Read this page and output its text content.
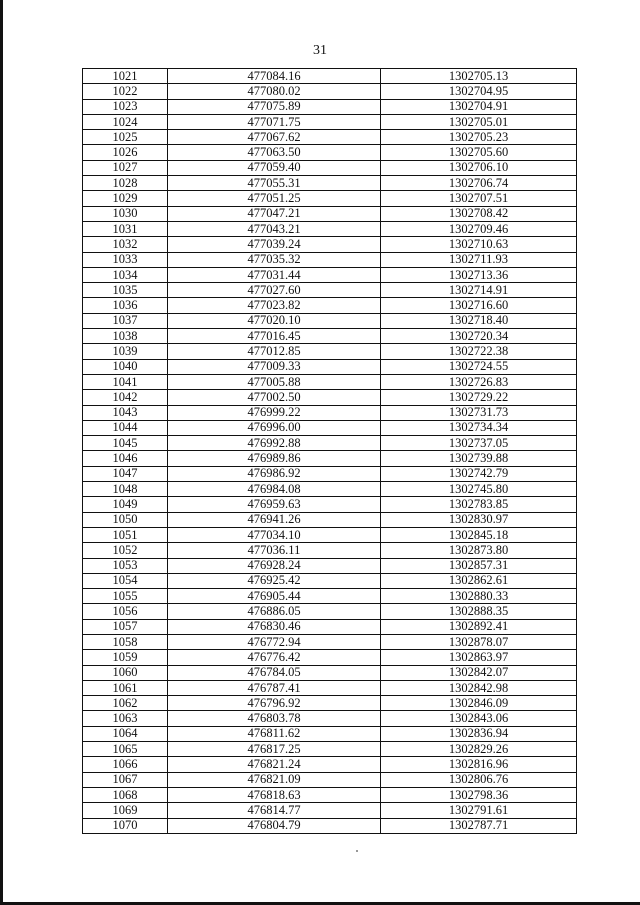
31
1021	477084.16	1302705.13
1022	477080.02	1302704.95
1023	477075.89	1302704.91
1024	477071.75	1302705.01
1025	477067.62	1302705.23
1026	477063.50	1302705.60
1027	477059.40	1302706.10
1028	477055.31	1302706.74
1029	477051.25	1302707.51
1030	477047.21	1302708.42
1031	477043.21	1302709.46
1032	477039.24	1302710.63
1033	477035.32	1302711.93
1034	477031.44	1302713.36
1035	477027.60	1302714.91
1036	477023.82	1302716.60
1037	477020.10	1302718.40
1038	477016.45	1302720.34
1039	477012.85	1302722.38
1040	477009.33	1302724.55
1041	477005.88	1302726.83
1042	477002.50	1302729.22
1043	476999.22	1302731.73
1044	476996.00	1302734.34
1045	476992.88	1302737.05
1046	476989.86	1302739.88
1047	476986.92	1302742.79
1048	476984.08	1302745.80
1049	476959.63	1302783.85
1050	476941.26	1302830.97
1051	477034.10	1302845.18
1052	477036.11	1302873.80
1053	476928.24	1302857.31
1054	476925.42	1302862.61
1055	476905.44	1302880.33
1056	476886.05	1302888.35
1057	476830.46	1302892.41
1058	476772.94	1302878.07
1059	476776.42	1302863.97
1060	476784.05	1302842.07
1061	476787.41	1302842.98
1062	476796.92	1302846.09
1063	476803.78	1302843.06
1064	476811.62	1302836.94
1065	476817.25	1302829.26
1066	476821.24	1302816.96
1067	476821.09	1302806.76
1068	476818.63	1302798.36
1069	476814.77	1302791.61
1070	476804.79	1302787.71
